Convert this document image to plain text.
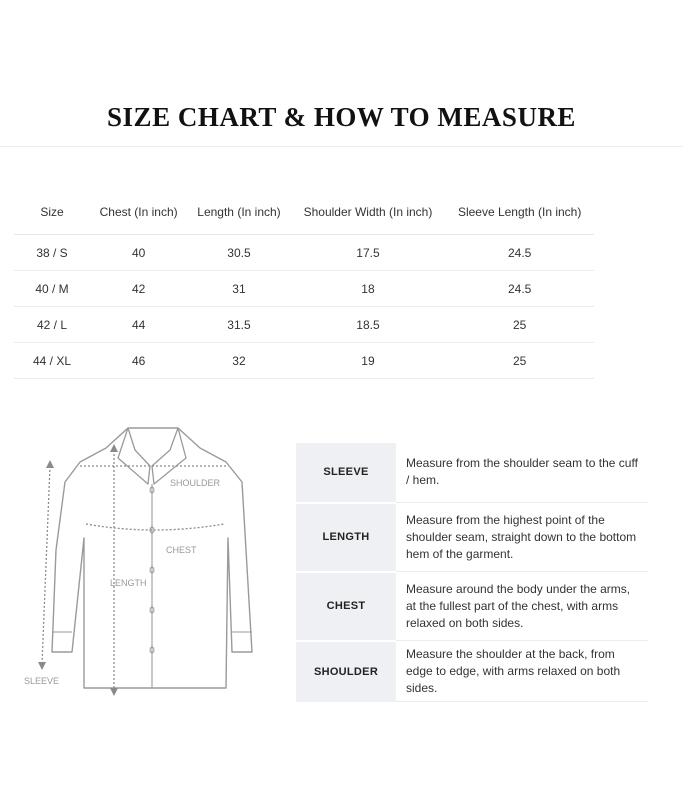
SIZE CHART & HOW TO MEASURE
Size	Chest (In inch)	Length (In inch)	Shoulder Width (In inch)	Sleeve Length (In inch)
38 / S	40	30.5	17.5	24.5
40 / M	42	31	18	24.5
42 / L	44	31.5	18.5	25
44 / XL	46	32	19	25
SHOULDER
CHEST
LENGTH
SLEEVE
SLEEVE	Measure from the shoulder seam to the cuff / hem.
LENGTH	Measure from the highest point of the shoulder seam, straight down to the bottom hem of the garment.
CHEST	Measure around the body under the arms, at the fullest part of the chest, with arms relaxed on both sides.
SHOULDER	Measure the shoulder at the back, from edge to edge, with arms relaxed on both sides.
